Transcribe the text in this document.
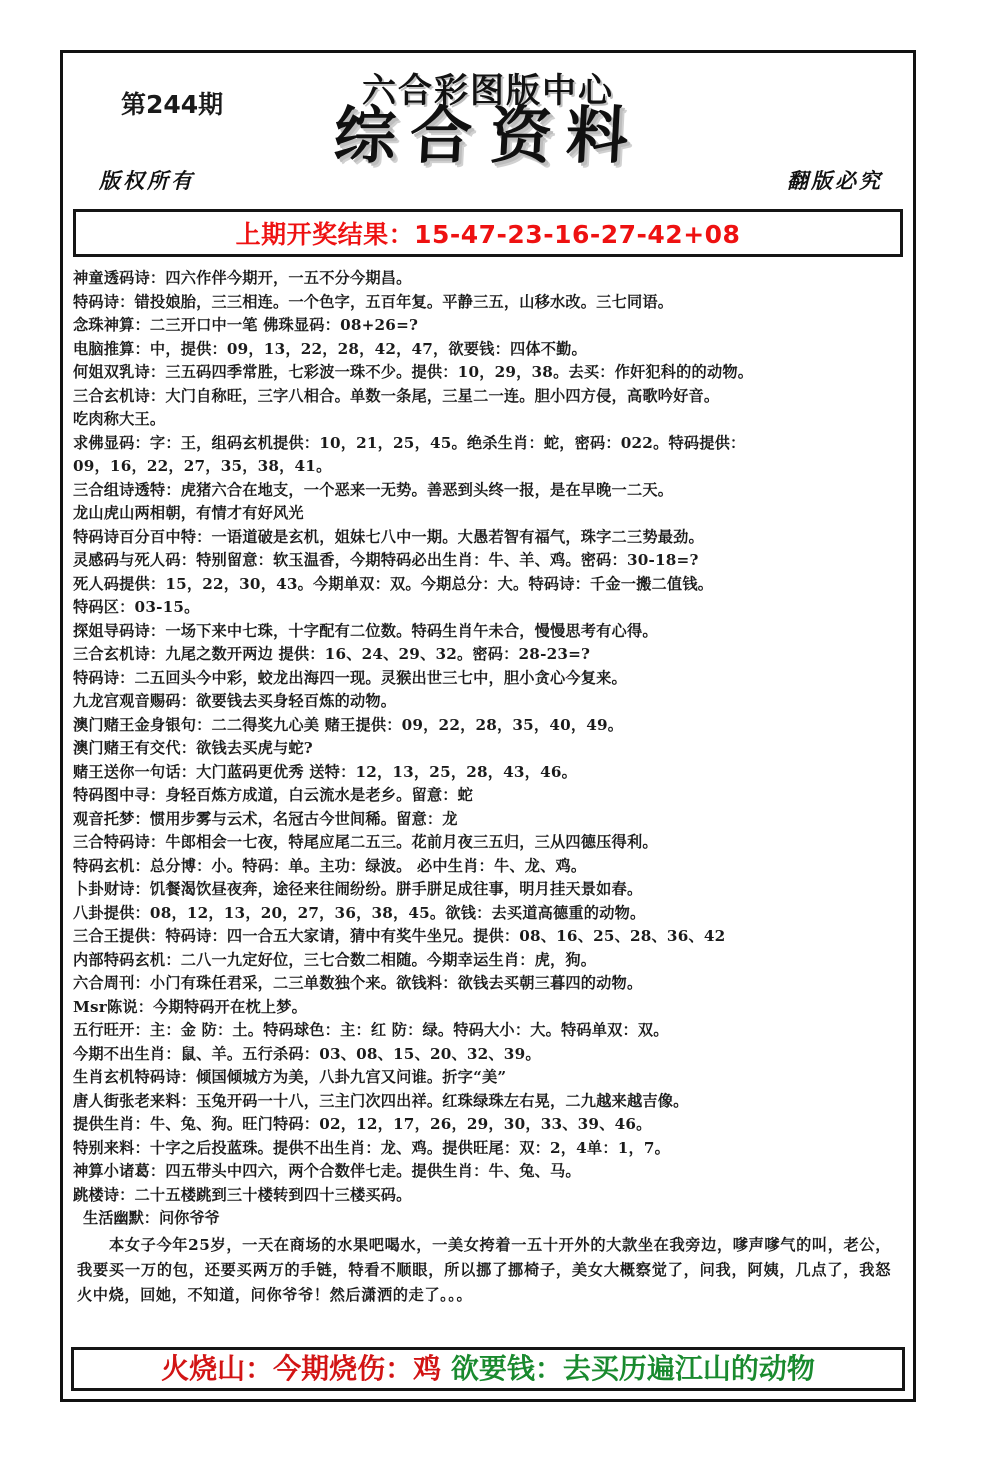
六合彩图版中心
第244期	综合资料
版权所有	翻版必究
上期开奖结果：15-47-23-16-27-42+08
神童透码诗：四六作伴今期开，一五不分今期昌。
特码诗：错投娘胎，三三相连。一个色字，五百年复。平静三五，山移水改。三七同语。
念珠神算：二三开口中一笔 佛珠显码：08+26=?
电脑推算：中，提供：09，13，22，28，42，47，欲要钱：四体不勤。
何姐双乳诗：三五码四季常胜，七彩波一珠不少。提供：10，29，38。去买：作奸犯科的的动物。
三合玄机诗：大门自称旺，三字八相合。单数一条尾，三星二一连。胆小四方侵，高歌吟好音。
吃肉称大王。
求佛显码：字：王，组码玄机提供：10，21，25，45。绝杀生肖：蛇，密码：022。特码提供：
09，16，22，27，35，38，41。
三合组诗透特：虎猪六合在地支，一个恶来一无势。善恶到头终一报，是在早晚一二天。
龙山虎山两相朝，有情才有好风光
特码诗百分百中特：一语道破是玄机，姐妹七八中一期。大愚若智有福气，珠字二三势最劲。
灵感码与死人码：特别留意：软玉温香，今期特码必出生肖：牛、羊、鸡。密码：30-18=?
死人码提供：15，22，30，43。今期单双：双。今期总分：大。特码诗：千金一搬二值钱。
特码区：03-15。
探姐导码诗：一场下来中七珠，十字配有二位数。特码生肖午未合，慢慢思考有心得。
三合玄机诗：九尾之数开两边 提供：16、24、29、32。密码：28-23=?
特码诗：二五回头今中彩，蛟龙出海四一现。灵猴出世三七中，胆小贪心今复来。
九龙宫观音赐码：欲要钱去买身轻百炼的动物。
澳门赌王金身银句：二二得奖九心美 赌王提供：09，22，28，35，40，49。
澳门赌王有交代：欲钱去买虎与蛇?
赌王送你一句话：大门蓝码更优秀 送特：12，13，25，28，43，46。
特码图中寻：身轻百炼方成道，白云流水是老乡。留意：蛇
观音托梦：惯用步雾与云术，名冠古今世间稀。留意：龙
三合特码诗：牛郎相会一七夜，特尾应尾二五三。花前月夜三五归，三从四德压得利。
特码玄机：总分博：小。特码：单。主功：绿波。 必中生肖：牛、龙、鸡。
卜卦财诗：饥餐渴饮昼夜奔，途径来往闹纷纷。胼手胼足成往事，明月挂天景如春。
八卦提供：08，12，13，20，27，36，38，45。欲钱：去买道高德重的动物。
三合王提供：特码诗：四一合五大家请，猜中有奖牛坐兄。提供：08、16、25、28、36、42
内部特码玄机：二八一九定好位，三七合数二相随。今期幸运生肖：虎，狗。
六合周刊：小门有珠任君采，二三单数独个来。欲钱料：欲钱去买朝三暮四的动物。
Msr陈说：今期特码开在枕上梦。
五行旺开：主：金 防：土。特码球色：主：红 防：绿。特码大小：大。特码单双：双。
今期不出生肖：鼠、羊。五行杀码：03、08、15、20、32、39。
生肖玄机特码诗：倾国倾城方为美，八卦九宫又问谁。折字“美”
唐人街张老来料：玉兔开码一十八，三主门次四出祥。红珠绿珠左右晃，二九越来越吉像。
提供生肖：牛、兔、狗。旺门特码：02，12，17，26，29，30，33、39、46。
特别来料：十字之后投蓝珠。提供不出生肖：龙、鸡。提供旺尾：双：2，4单：1，7。
神算小诸葛：四五带头中四六，两个合数伴七走。提供生肖：牛、兔、马。
跳楼诗：二十五楼跳到三十楼转到四十三楼买码。
生活幽默：问你爷爷
本女子今年25岁，一天在商场的水果吧喝水，一美女挎着一五十开外的大款坐在我旁边，嗲声嗲气的叫，老公，我要买一万的包，还要买两万的手链，特看不顺眼，所以挪了挪椅子，美女大概察觉了，问我，阿姨，几点了，我怒火中烧，回她，不知道，问你爷爷！然后潇洒的走了。。。
火烧山：今期烧伤：鸡 欲要钱：去买历遍江山的动物
